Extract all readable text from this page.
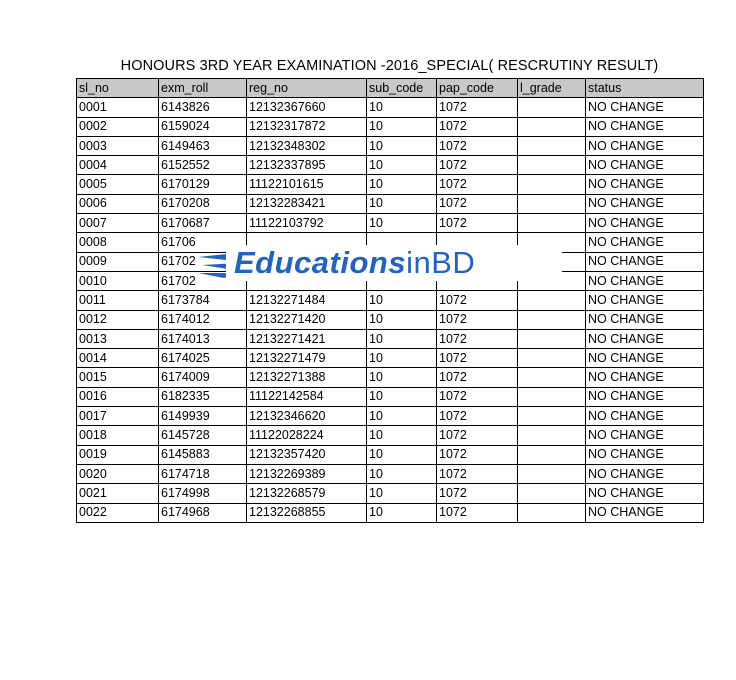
HONOURS 3RD YEAR EXAMINATION -2016_SPECIAL( RESCRUTINY RESULT)
sl_no	exm_roll	reg_no	sub_code	pap_code	l_grade	status
0001	6143826	12132367660	10	1072		NO CHANGE
0002	6159024	12132317872	10	1072		NO CHANGE
0003	6149463	12132348302	10	1072		NO CHANGE
0004	6152552	12132337895	10	1072		NO CHANGE
0005	6170129	11122101615	10	1072		NO CHANGE
0006	6170208	12132283421	10	1072		NO CHANGE
0007	6170687	11122103792	10	1072		NO CHANGE
0008	61706					NO CHANGE
0009	61702					NO CHANGE
0010	61702					NO CHANGE
0011	6173784	12132271484	10	1072		NO CHANGE
0012	6174012	12132271420	10	1072		NO CHANGE
0013	6174013	12132271421	10	1072		NO CHANGE
0014	6174025	12132271479	10	1072		NO CHANGE
0015	6174009	12132271388	10	1072		NO CHANGE
0016	6182335	11122142584	10	1072		NO CHANGE
0017	6149939	12132346620	10	1072		NO CHANGE
0018	6145728	11122028224	10	1072		NO CHANGE
0019	6145883	12132357420	10	1072		NO CHANGE
0020	6174718	12132269389	10	1072		NO CHANGE
0021	6174998	12132268579	10	1072		NO CHANGE
0022	6174968	12132268855	10	1072		NO CHANGE
EducationsinBD
